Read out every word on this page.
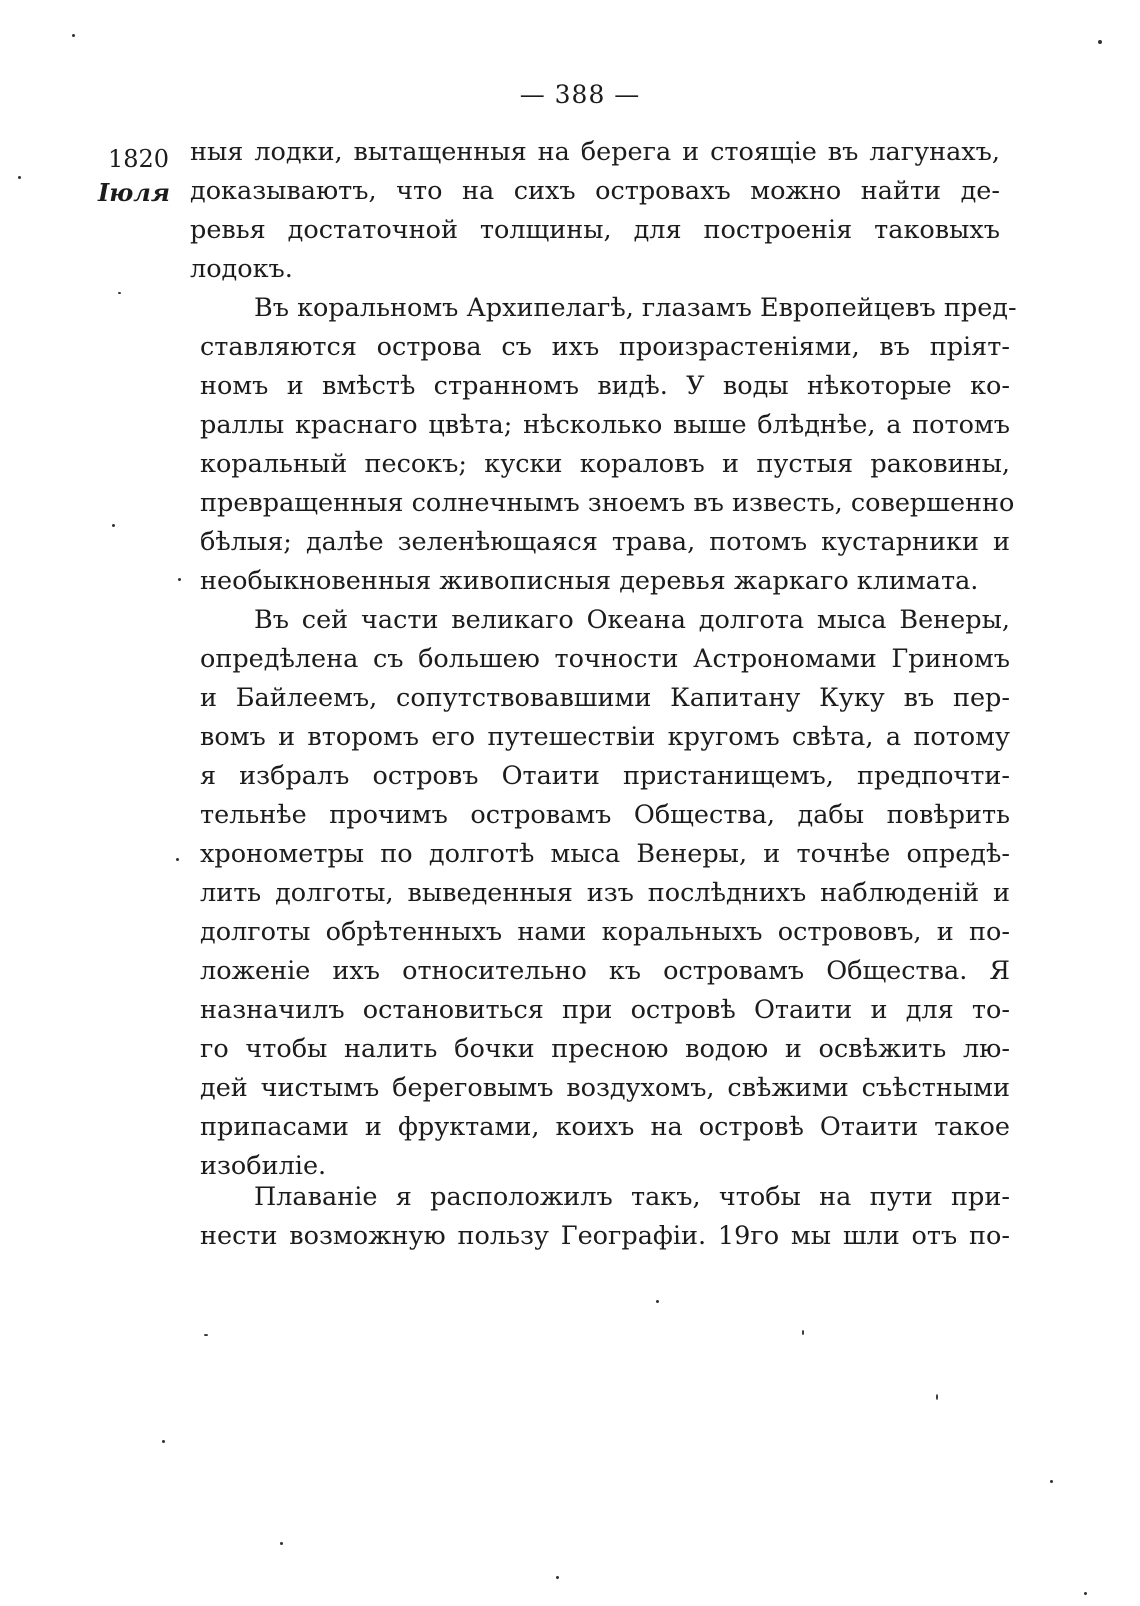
— 388 —
1820
Іюля
ныя лодки, вытащенныя на берега и стоящіе въ лагунахъ,
доказываютъ, что на сихъ островахъ можно найти де-
ревья достаточной толщины, для построенія таковыхъ
лодокъ.
Въ коральномъ Архипелагѣ, глазамъ Европейцевъ пред-
ставляются острова съ ихъ произрастеніями, въ пріят-
номъ и вмѣстѣ странномъ видѣ. У воды нѣкоторые ко-
раллы краснаго цвѣта; нѣсколько выше блѣднѣе, а потомъ
коральный песокъ; куски кораловъ и пустыя раковины,
превращенныя солнечнымъ зноемъ въ известь, совершенно
бѣлыя; далѣе зеленѣющаяся трава, потомъ кустарники и
необыкновенныя живописныя деревья жаркаго климата.
Въ сей части великаго Океана долгота мыса Венеры,
опредѣлена съ большею точности Астрономами Гриномъ
и Байлеемъ, сопутствовавшими Капитану Куку въ пер-
вомъ и второмъ его путешествіи кругомъ свѣта, а потому
я избралъ островъ Отаити пристанищемъ, предпочти-
тельнѣе прочимъ островамъ Общества, дабы повѣрить
хронометры по долготѣ мыса Венеры, и точнѣе опредѣ-
лить долготы, выведенныя изъ послѣднихъ наблюденій и
долготы обрѣтенныхъ нами коральныхъ острововъ, и по-
ложеніе ихъ относительно къ островамъ Общества. Я
назначилъ остановиться при островѣ Отаити и для то-
го чтобы налить бочки пресною водою и освѣжить лю-
дей чистымъ береговымъ воздухомъ, свѣжими съѣстными
припасами и фруктами, коихъ на островѣ Отаити такое
изобиліе.
Плаваніе я расположилъ такъ, чтобы на пути при-
нести возможную пользу Географіи. 19го мы шли отъ по-
